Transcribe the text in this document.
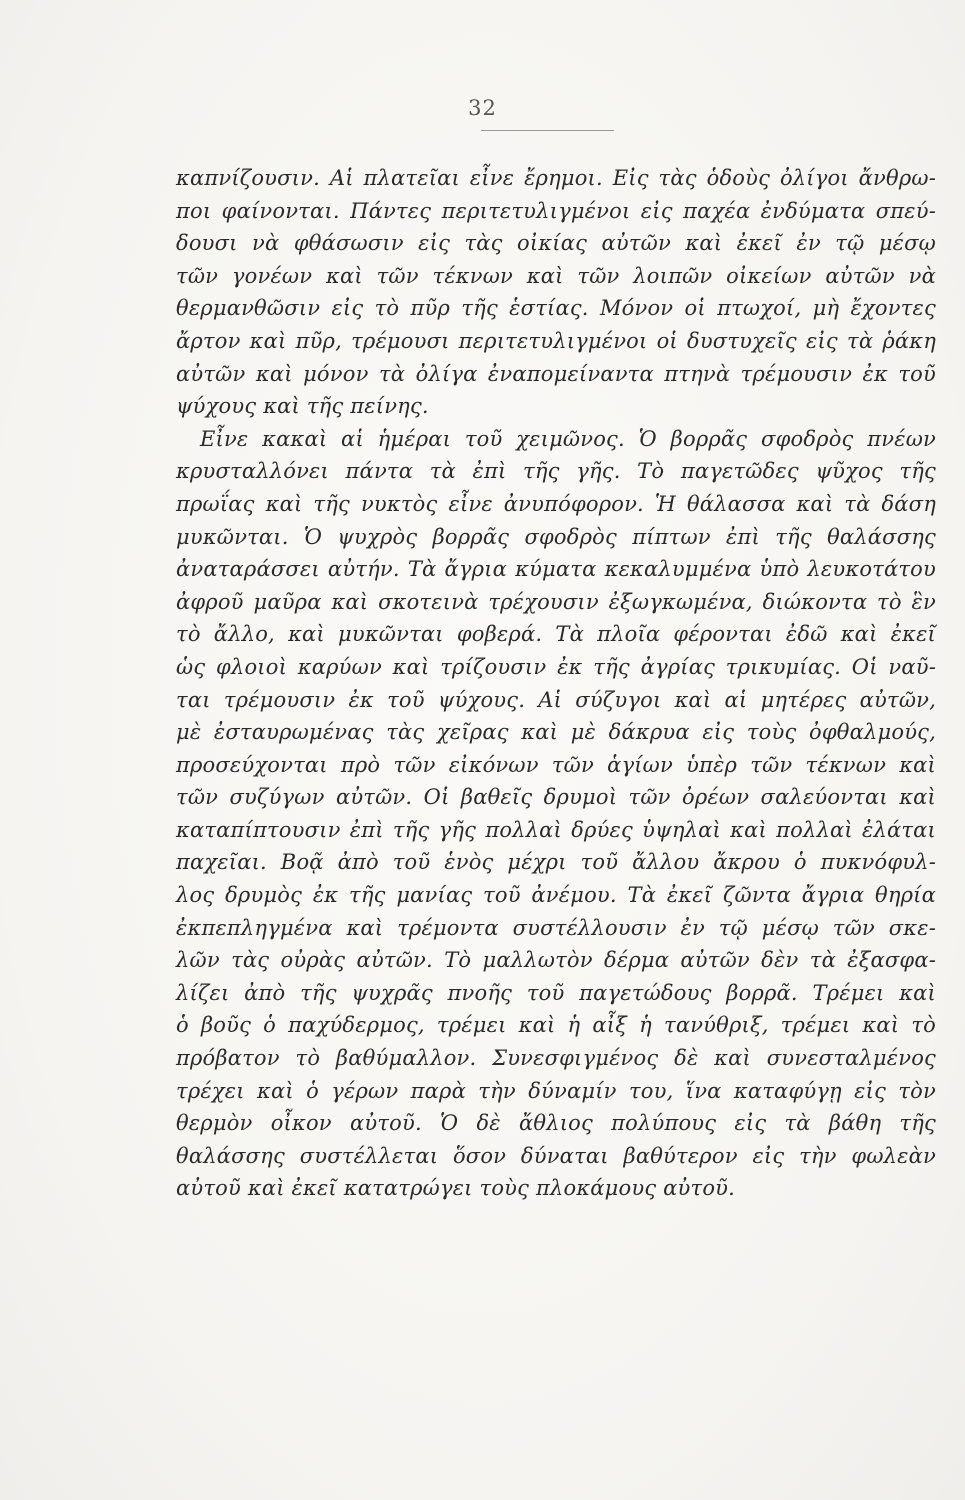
32
καπνίζουσιν. Αἱ πλατεῖαι εἶνε ἔρημοι. Εἰς τὰς ὁδοὺς ὀλίγοι ἄνθρω-
ποι φαίνονται. Πάντες περιτετυλιγμένοι εἰς παχέα ἐνδύματα σπεύ-
δουσι νὰ φθάσωσιν εἰς τὰς οἰκίας αὐτῶν καὶ ἐκεῖ ἐν τῷ μέσῳ
τῶν γονέων καὶ τῶν τέκνων καὶ τῶν λοιπῶν οἰκείων αὐτῶν νὰ
θερμανθῶσιν εἰς τὸ πῦρ τῆς ἑστίας. Μόνον οἱ πτωχοί, μὴ ἔχοντες
ἄρτον καὶ πῦρ, τρέμουσι περιτετυλιγμένοι οἱ δυστυχεῖς εἰς τὰ ῥάκη
αὐτῶν καὶ μόνον τὰ ὀλίγα ἐναπομείναντα πτηνὰ τρέμουσιν ἐκ τοῦ
ψύχους καὶ τῆς πείνης.
Εἶνε κακαὶ αἱ ἡμέραι τοῦ χειμῶνος. Ὁ βορρᾶς σφοδρὸς πνέων
κρυσταλλόνει πάντα τὰ ἐπὶ τῆς γῆς. Τὸ παγετῶδες ψῦχος τῆς
πρωΐας καὶ τῆς νυκτὸς εἶνε ἀνυπόφορον. Ἡ θάλασσα καὶ τὰ δάση
μυκῶνται. Ὁ ψυχρὸς βορρᾶς σφοδρὸς πίπτων ἐπὶ τῆς θαλάσσης
ἀναταράσσει αὐτήν. Τὰ ἄγρια κύματα κεκαλυμμένα ὑπὸ λευκοτάτου
ἀφροῦ μαῦρα καὶ σκοτεινὰ τρέχουσιν ἐξωγκωμένα, διώκοντα τὸ ἓν
τὸ ἄλλο, καὶ μυκῶνται φοβερά. Τὰ πλοῖα φέρονται ἐδῶ καὶ ἐκεῖ
ὡς φλοιοὶ καρύων καὶ τρίζουσιν ἐκ τῆς ἀγρίας τρικυμίας. Οἱ ναῦ-
ται τρέμουσιν ἐκ τοῦ ψύχους. Αἱ σύζυγοι καὶ αἱ μητέρες αὐτῶν,
μὲ ἐσταυρωμένας τὰς χεῖρας καὶ μὲ δάκρυα εἰς τοὺς ὀφθαλμούς,
προσεύχονται πρὸ τῶν εἰκόνων τῶν ἁγίων ὑπὲρ τῶν τέκνων καὶ
τῶν συζύγων αὐτῶν. Οἱ βαθεῖς δρυμοὶ τῶν ὀρέων σαλεύονται καὶ
καταπίπτουσιν ἐπὶ τῆς γῆς πολλαὶ δρύες ὑψηλαὶ καὶ πολλαὶ ἐλάται
παχεῖαι. Βοᾷ ἀπὸ τοῦ ἑνὸς μέχρι τοῦ ἄλλου ἄκρου ὁ πυκνόφυλ-
λος δρυμὸς ἐκ τῆς μανίας τοῦ ἀνέμου. Τὰ ἐκεῖ ζῶντα ἄγρια θηρία
ἐκπεπληγμένα καὶ τρέμοντα συστέλλουσιν ἐν τῷ μέσῳ τῶν σκε-
λῶν τὰς οὐρὰς αὐτῶν. Τὸ μαλλωτὸν δέρμα αὐτῶν δὲν τὰ ἐξασφα-
λίζει ἀπὸ τῆς ψυχρᾶς πνοῆς τοῦ παγετώδους βορρᾶ. Τρέμει καὶ
ὁ βοῦς ὁ παχύδερμος, τρέμει καὶ ἡ αἶξ ἡ τανύθριξ, τρέμει καὶ τὸ
πρόβατον τὸ βαθύμαλλον. Συνεσφιγμένος δὲ καὶ συνεσταλμένος
τρέχει καὶ ὁ γέρων παρὰ τὴν δύναμίν του, ἵνα καταφύγῃ εἰς τὸν
θερμὸν οἶκον αὐτοῦ. Ὁ δὲ ἄθλιος πολύπους εἰς τὰ βάθη τῆς
θαλάσσης συστέλλεται ὅσον δύναται βαθύτερον εἰς τὴν φωλεὰν
αὐτοῦ καὶ ἐκεῖ κατατρώγει τοὺς πλοκάμους αὐτοῦ.
